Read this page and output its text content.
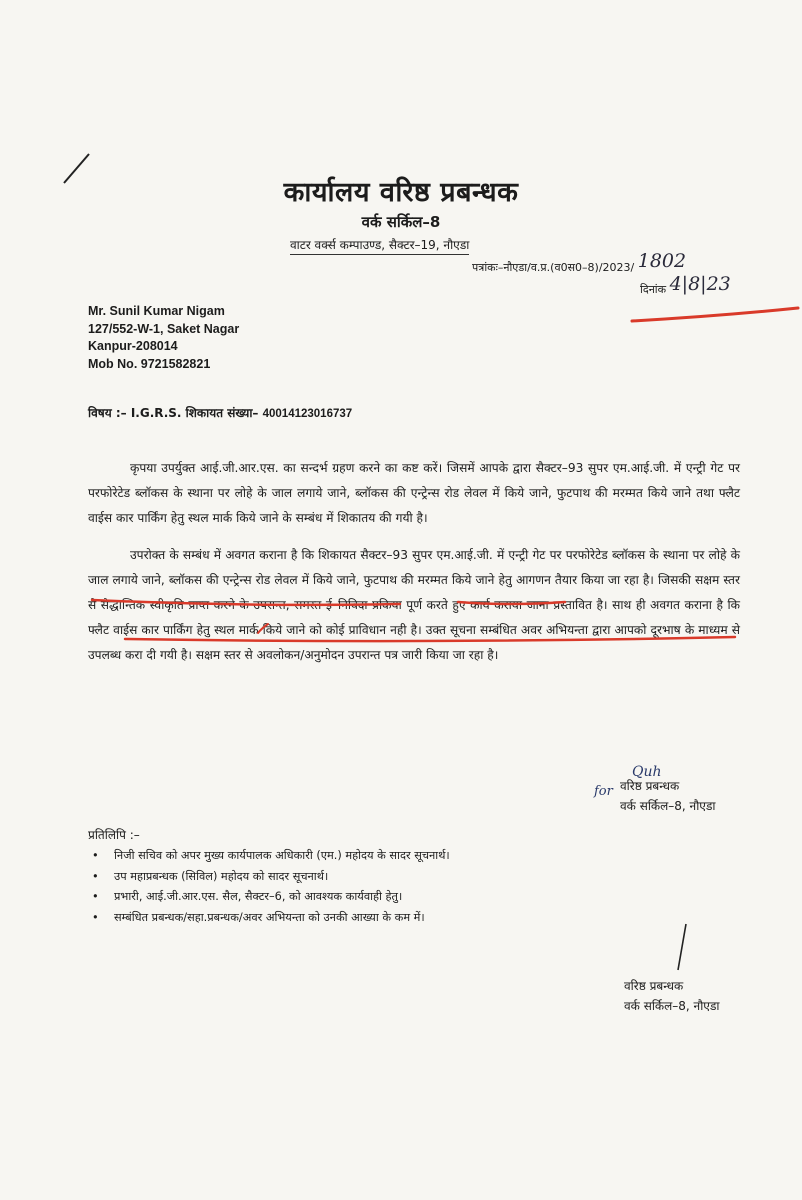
कार्यालय वरिष्ठ प्रबन्धक
वर्क सर्किल–8
वाटर वर्क्स कम्पाउण्ड, सैक्टर–19, नौएडा
पत्रांकः–नौएडा/व.प्र.(व0स0–8)/2023/ 1802
दिनांक 4|8|23
Mr. Sunil Kumar Nigam
127/552-W-1, Saket Nagar
Kanpur-208014
Mob No. 9721582821
विषय :– I.G.R.S. शिकायत संख्या– 40014123016737
कृपया उपर्युक्त आई.जी.आर.एस. का सन्दर्भ ग्रहण करने का कष्ट करें। जिसमें आपके द्वारा सैक्टर–93 सुपर एम.आई.जी. में एन्ट्री गेट पर परफोरेटेड ब्लॉकस के स्थाना पर लोहे के जाल लगाये जाने, ब्लॉकस की एन्ट्रेन्स रोड लेवल में किये जाने, फुटपाथ की मरम्मत किये जाने तथा फ्लैट वाईस कार पार्किंग हेतु स्थल मार्क किये जाने के सम्बंध में शिकातय की गयी है।
उपरोक्त के सम्बंध में अवगत कराना है कि शिकायत सैक्टर–93 सुपर एम.आई.जी. में एन्ट्री गेट पर परफोरेटेड ब्लॉकस के स्थाना पर लोहे के जाल लगाये जाने, ब्लॉकस की एन्ट्रेन्स रोड लेवल में किये जाने, फुटपाथ की मरम्मत किये जाने हेतु आगणन तैयार किया जा रहा है। जिसकी सक्षम स्तर से सैद्धान्तिक स्वीकृति प्राप्त करने के उपरान्त, समस्त ई–निविदा प्रकिया पूर्ण करते हुए कार्य कराया जाना प्रस्तावित है। साथ ही अवगत कराना है कि फ्लैट वाईस कार पार्किंग हेतु स्थल मार्क किये जाने को कोई प्राविधान नही है। उक्त सूचना सम्बंधित अवर अभियन्ता द्वारा आपको दूरभाष के माध्यम से उपलब्ध करा दी गयी है। सक्षम स्तर से अवलोकन/अनुमोदन उपरान्त पत्र जारी किया जा रहा है।
Quh
for वरिष्ठ प्रबन्धक
वर्क सर्किल–8, नौएडा
प्रतिलिपि :–
• निजी सचिव को अपर मुख्य कार्यपालक अधिकारी (एम.) महोदय के सादर सूचनार्थ।
• उप महाप्रबन्धक (सिविल) महोदय को सादर सूचनार्थ।
• प्रभारी, आई.जी.आर.एस. सैल, सैक्टर–6, को आवश्यक कार्यवाही हेतु।
• सम्बंधित प्रबन्धक/सहा.प्रबन्धक/अवर अभियन्ता को उनकी आख्या के कम में।
वरिष्ठ प्रबन्धक
वर्क सर्किल–8, नौएडा
